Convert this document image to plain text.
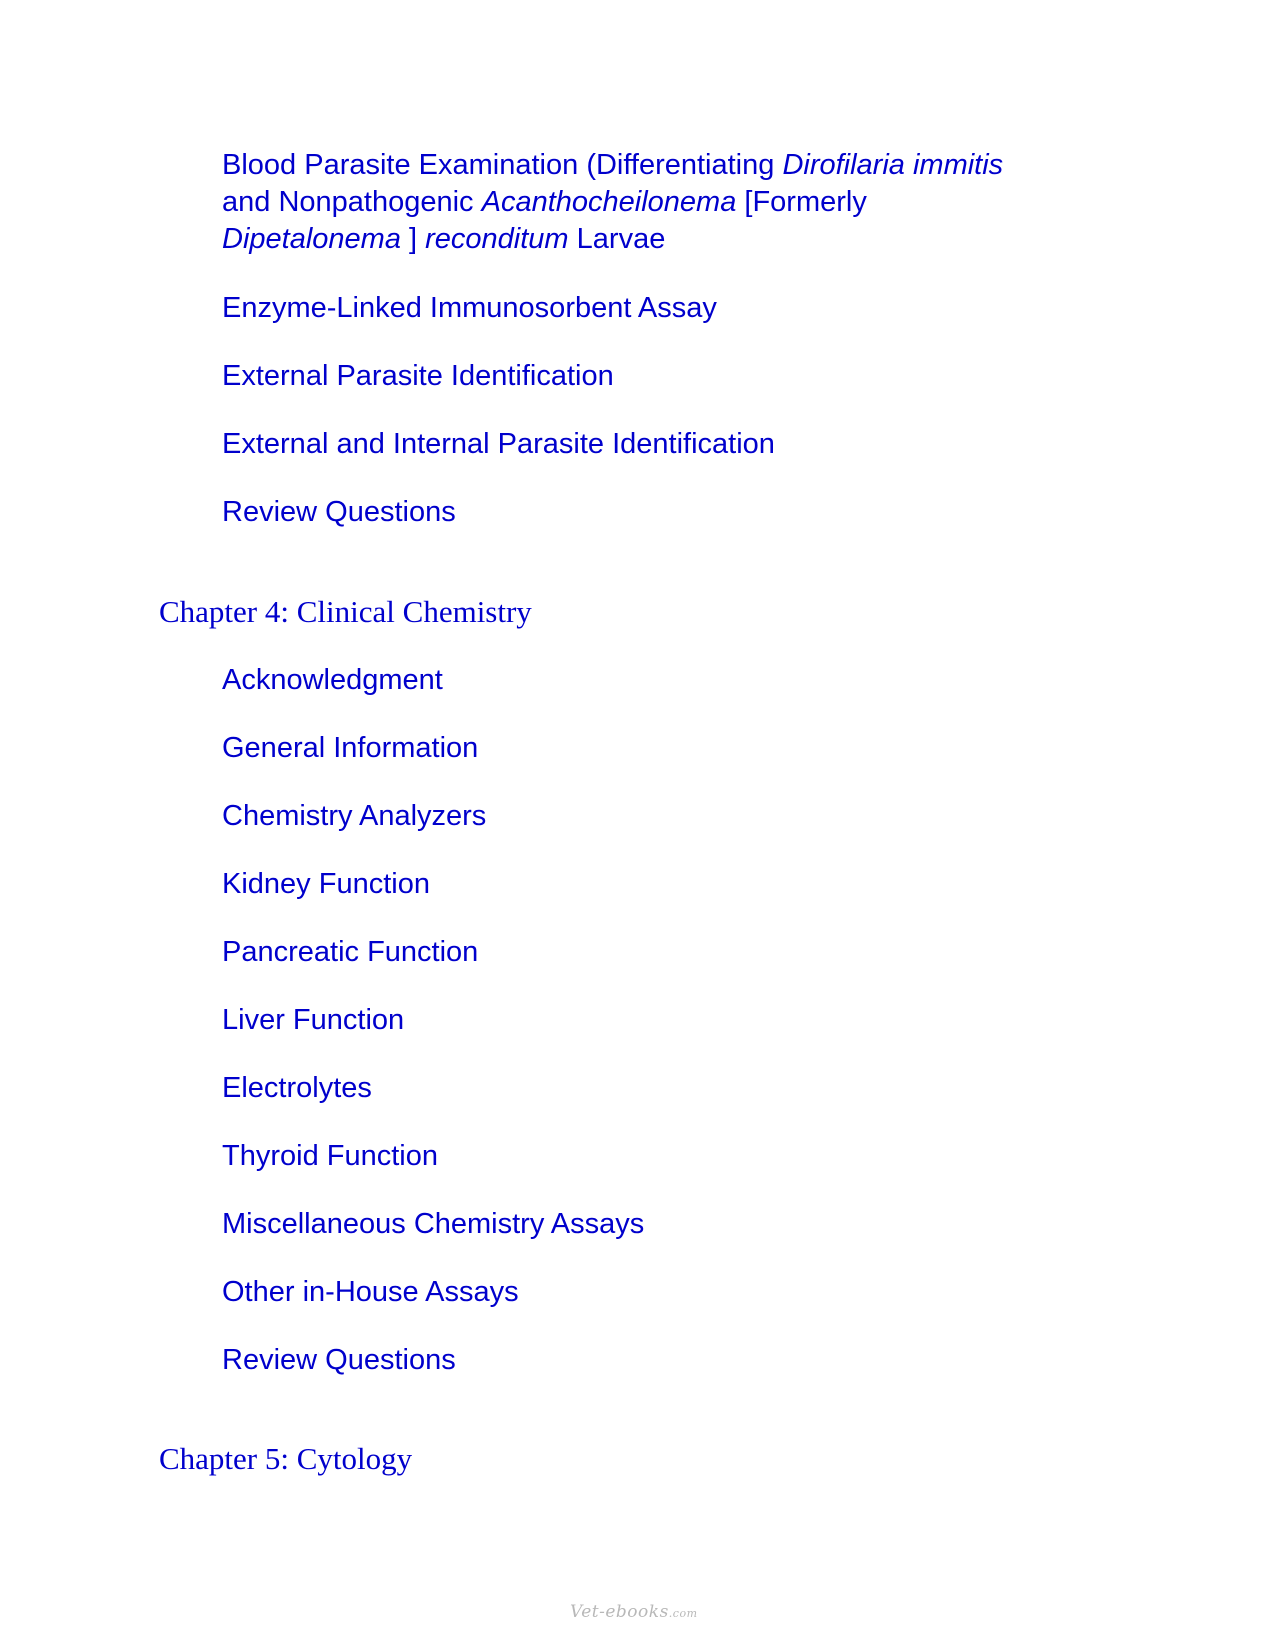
Blood Parasite Examination (Differentiating Dirofilaria immitis
and Nonpathogenic Acanthocheilonema [Formerly
Dipetalonema ] reconditum Larvae
Enzyme-Linked Immunosorbent Assay
External Parasite Identification
External and Internal Parasite Identification
Review Questions
Chapter 4: Clinical Chemistry
Acknowledgment
General Information
Chemistry Analyzers
Kidney Function
Pancreatic Function
Liver Function
Electrolytes
Thyroid Function
Miscellaneous Chemistry Assays
Other in-House Assays
Review Questions
Chapter 5: Cytology
Vet-ebooks.com
